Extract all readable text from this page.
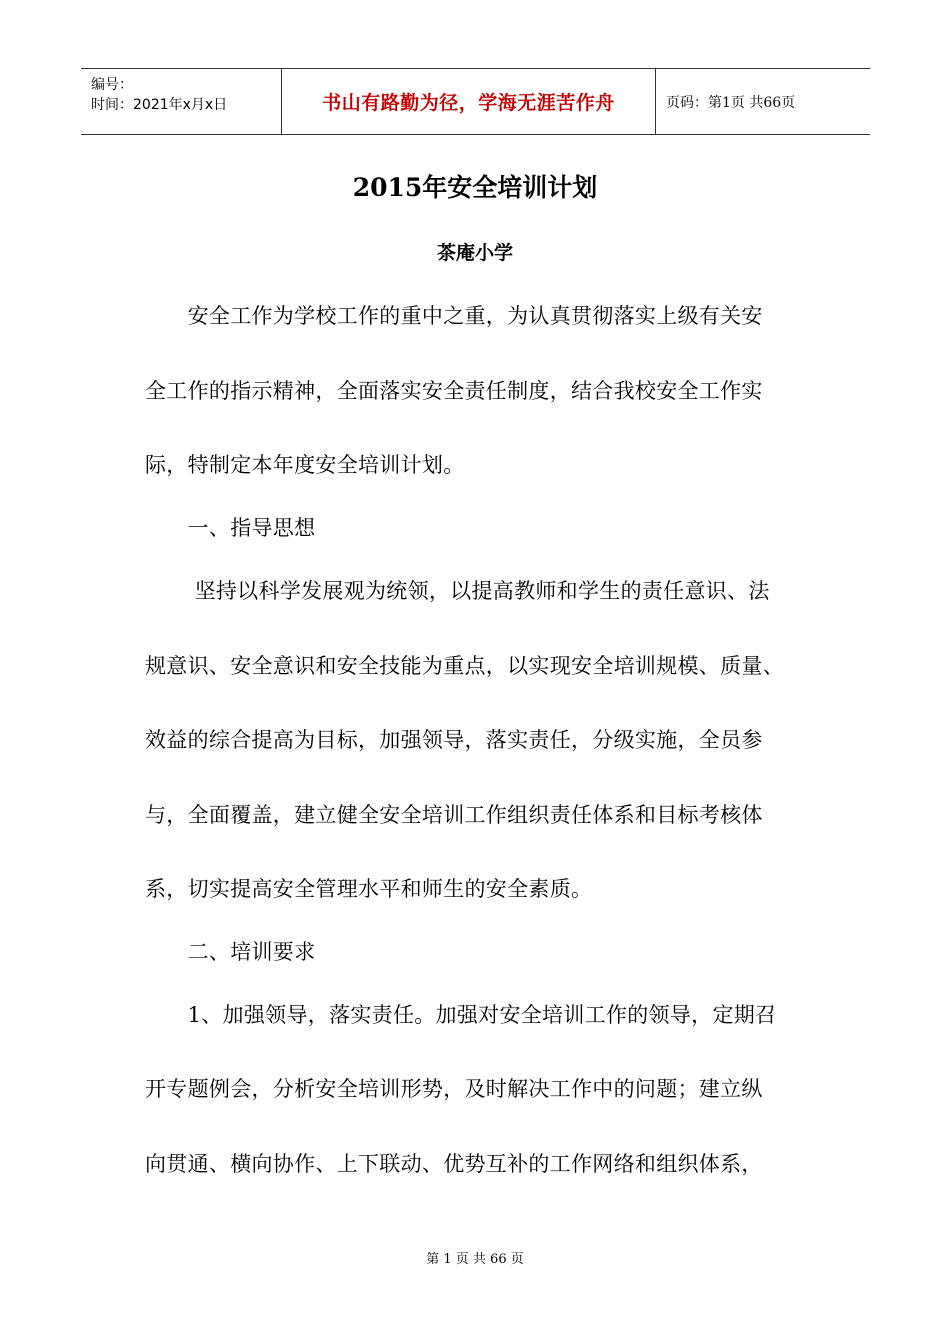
编号：
时间：2021年x月x日	书山有路勤为径，学海无涯苦作舟	页码：第1页 共66页
2015年安全培训计划
茶庵小学
　　安全工作为学校工作的重中之重，为认真贯彻落实上级有关安
全工作的指示精神，全面落实安全责任制度，结合我校安全工作实
际，特制定本年度安全培训计划。
　　一、指导思想
　　 坚持以科学发展观为统领，以提高教师和学生的责任意识、法
规意识、安全意识和安全技能为重点，以实现安全培训规模、质量、
效益的综合提高为目标，加强领导，落实责任，分级实施，全员参
与，全面覆盖，建立健全安全培训工作组织责任体系和目标考核体
系，切实提高安全管理水平和师生的安全素质。
　　二、培训要求
　　1、加强领导，落实责任。加强对安全培训工作的领导，定期召
开专题例会，分析安全培训形势，及时解决工作中的问题；建立纵
向贯通、横向协作、上下联动、优势互补的工作网络和组织体系，
第 1 页 共 66 页
